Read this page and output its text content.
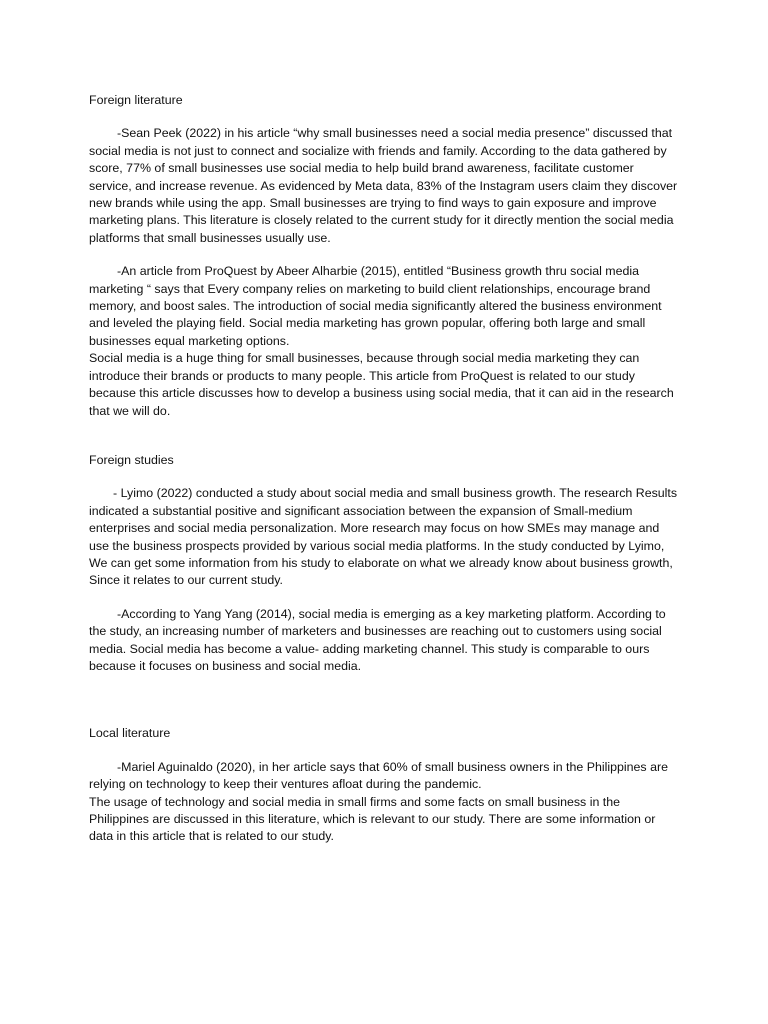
Foreign literature

-Sean Peek (2022) in his article “why small businesses need a social media presence” discussed that social media is not just to connect and socialize with friends and family. According to the data gathered by score, 77% of small businesses use social media to help build brand awareness, facilitate customer service, and increase revenue. As evidenced by Meta data, 83% of the Instagram users claim they discover new brands while using the app. Small businesses are trying to find ways to gain exposure and improve marketing plans. This literature is closely related to the current study for it directly mention the social media platforms that small businesses usually use.

-An article from ProQuest by Abeer Alharbie (2015), entitled “Business growth thru social media marketing “ says that Every company relies on marketing to build client relationships, encourage brand memory, and boost sales. The introduction of social media significantly altered the business environment and leveled the playing field. Social media marketing has grown popular, offering both large and small businesses equal marketing options.

Social media is a huge thing for small businesses, because through social media marketing they can introduce their brands or products to many people. This article from ProQuest is related to our study because this article discusses how to develop a business using social media, that it can aid in the research that we will do.

Foreign studies

- Lyimo (2022) conducted a study about social media and small business growth. The research Results indicated a substantial positive and significant association between the expansion of Small-medium enterprises and social media personalization. More research may focus on how SMEs may manage and use the business prospects provided by various social media platforms. In the study conducted by Lyimo, We can get some information from his study to elaborate on what we already know about business growth, Since it relates to our current study.

-According to Yang Yang (2014), social media is emerging as a key marketing platform. According to the study, an increasing number of marketers and businesses are reaching out to customers using social media. Social media has become a value- adding marketing channel. This study is comparable to ours because it focuses on business and social media.

Local literature

-Mariel Aguinaldo (2020), in her article says that 60% of small business owners in the Philippines are relying on technology to keep their ventures afloat during the pandemic.

The usage of technology and social media in small firms and some facts on small business in the Philippines are discussed in this literature, which is relevant to our study. There are some information or data in this article that is related to our study.
